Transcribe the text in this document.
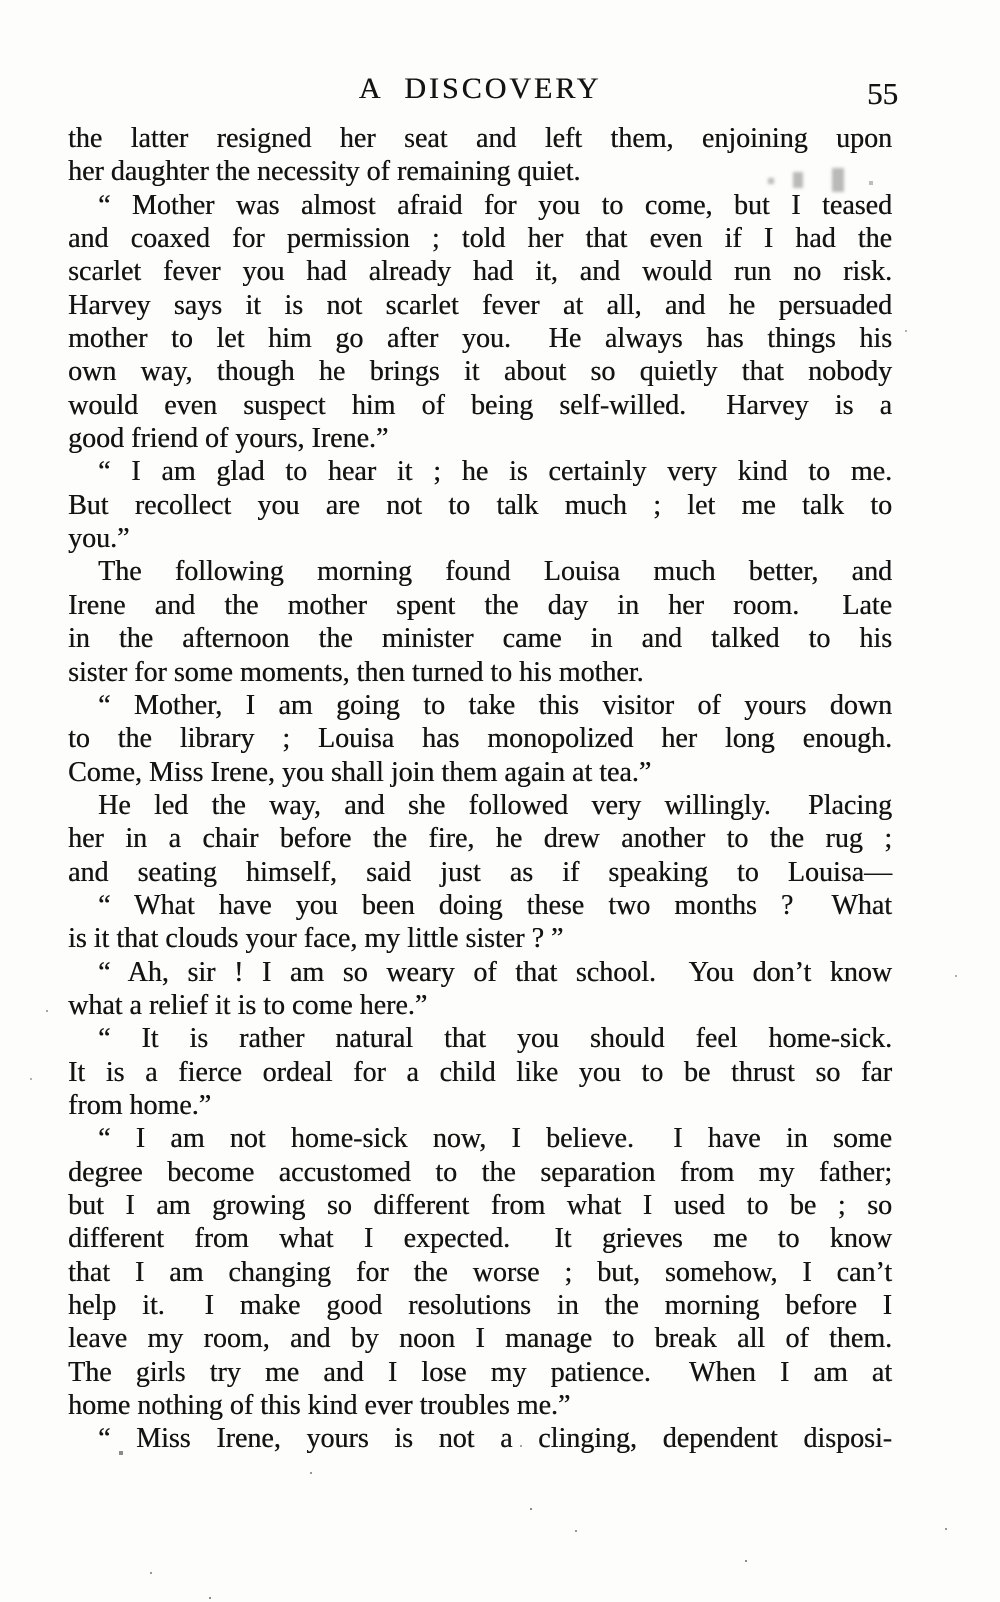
A DISCOVERY	55
the latter resigned her seat and left them, enjoining upon
her daughter the necessity of remaining quiet.
“ Mother was almost afraid for you to come, but I teased
and coaxed for permission ; told her that even if I had the
scarlet fever you had already had it, and would run no risk.
Harvey says it is not scarlet fever at all, and he persuaded
mother to let him go after you.  He always has things his
own way, though he brings it about so quietly that nobody
would even suspect him of being self-willed.  Harvey is a
good friend of yours, Irene.”
“ I am glad to hear it ; he is certainly very kind to me.
But recollect you are not to talk much ; let me talk to
you.”
The following morning found Louisa much better, and
Irene and the mother spent the day in her room.  Late
in the afternoon the minister came in and talked to his
sister for some moments, then turned to his mother.
“ Mother, I am going to take this visitor of yours down
to the library ; Louisa has monopolized her long enough.
Come, Miss Irene, you shall join them again at tea.”
He led the way, and she followed very willingly.  Placing
her in a chair before the fire, he drew another to the rug ;
and seating himself, said just as if speaking to Louisa—
“ What have you been doing these two months ?  What
is it that clouds your face, my little sister ? ”
“ Ah, sir ! I am so weary of that school.  You don’t know
what a relief it is to come here.”
“ It is rather natural that you should feel home-sick.
It is a fierce ordeal for a child like you to be thrust so far
from home.”
“ I am not home-sick now, I believe.  I have in some
degree become accustomed to the separation from my father;
but I am growing so different from what I used to be ; so
different from what I expected.  It grieves me to know
that I am changing for the worse ; but, somehow, I can’t
help it.  I make good resolutions in the morning before I
leave my room, and by noon I manage to break all of them.
The girls try me and I lose my patience.  When I am at
home nothing of this kind ever troubles me.”
“ Miss Irene, yours is not a clinging, dependent disposi-
